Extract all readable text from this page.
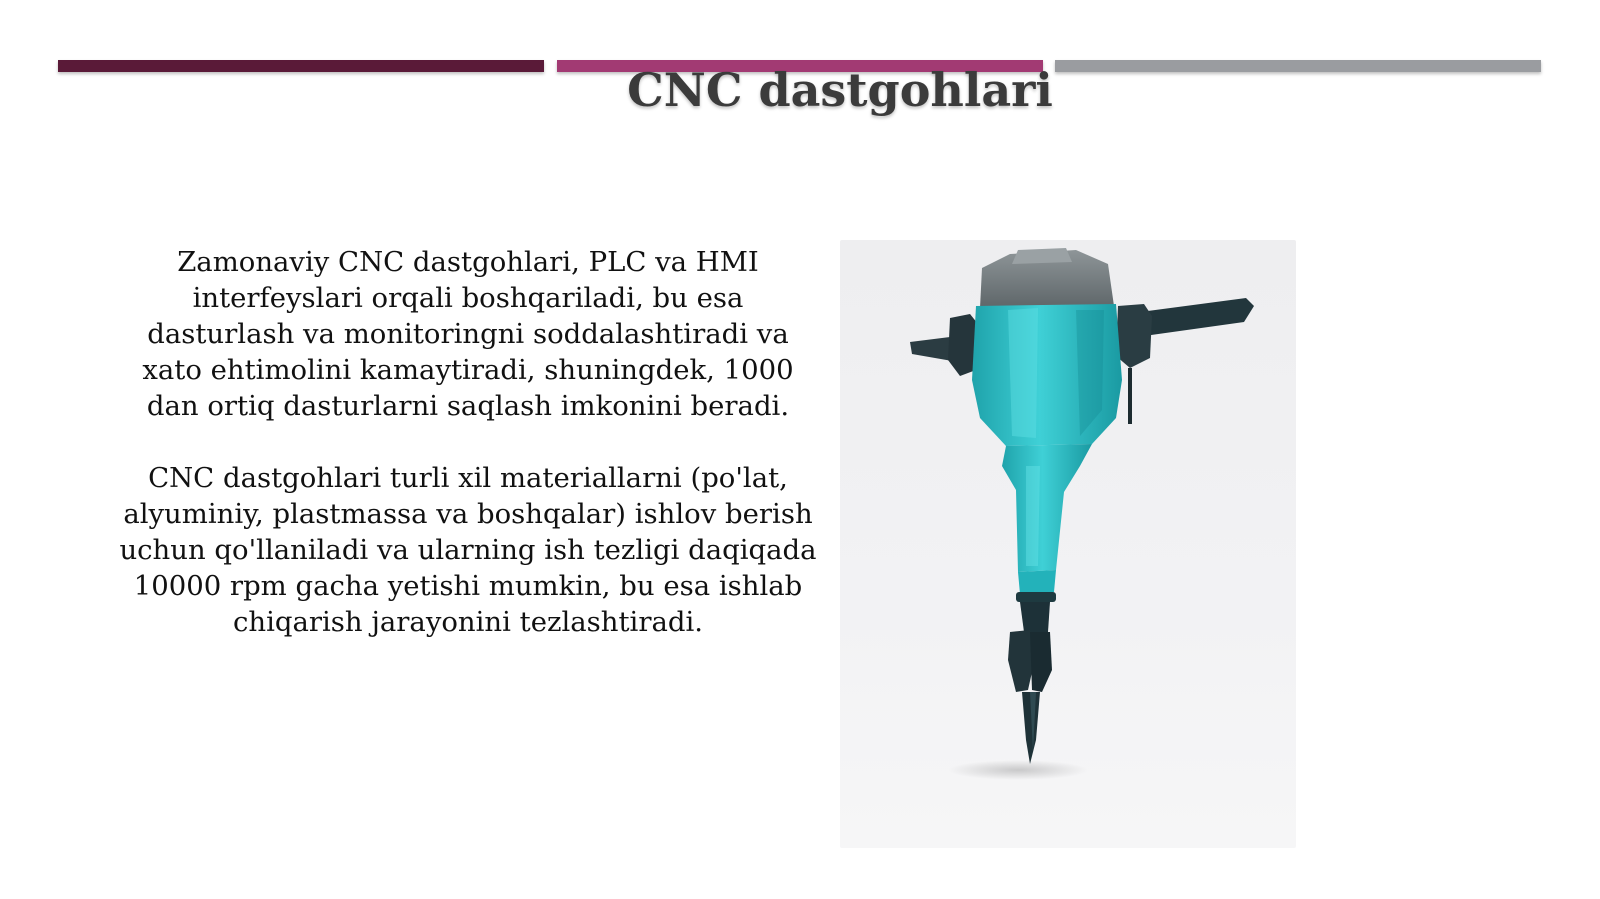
CNC dastgohlari

Zamonaviy CNC dastgohlari, PLC va HMI interfeyslari orqali boshqariladi, bu esa dasturlash va monitoringni soddalashtiradi va xato ehtimolini kamaytiradi, shuningdek, 1000 dan ortiq dasturlarni saqlash imkonini beradi.

CNC dastgohlari turli xil materiallarni (po'lat, alyuminiy, plastmassa va boshqalar) ishlov berish uchun qo'llaniladi va ularning ish tezligi daqiqada 10000 rpm gacha yetishi mumkin, bu esa ishlab chiqarish jarayonini tezlashtiradi.
